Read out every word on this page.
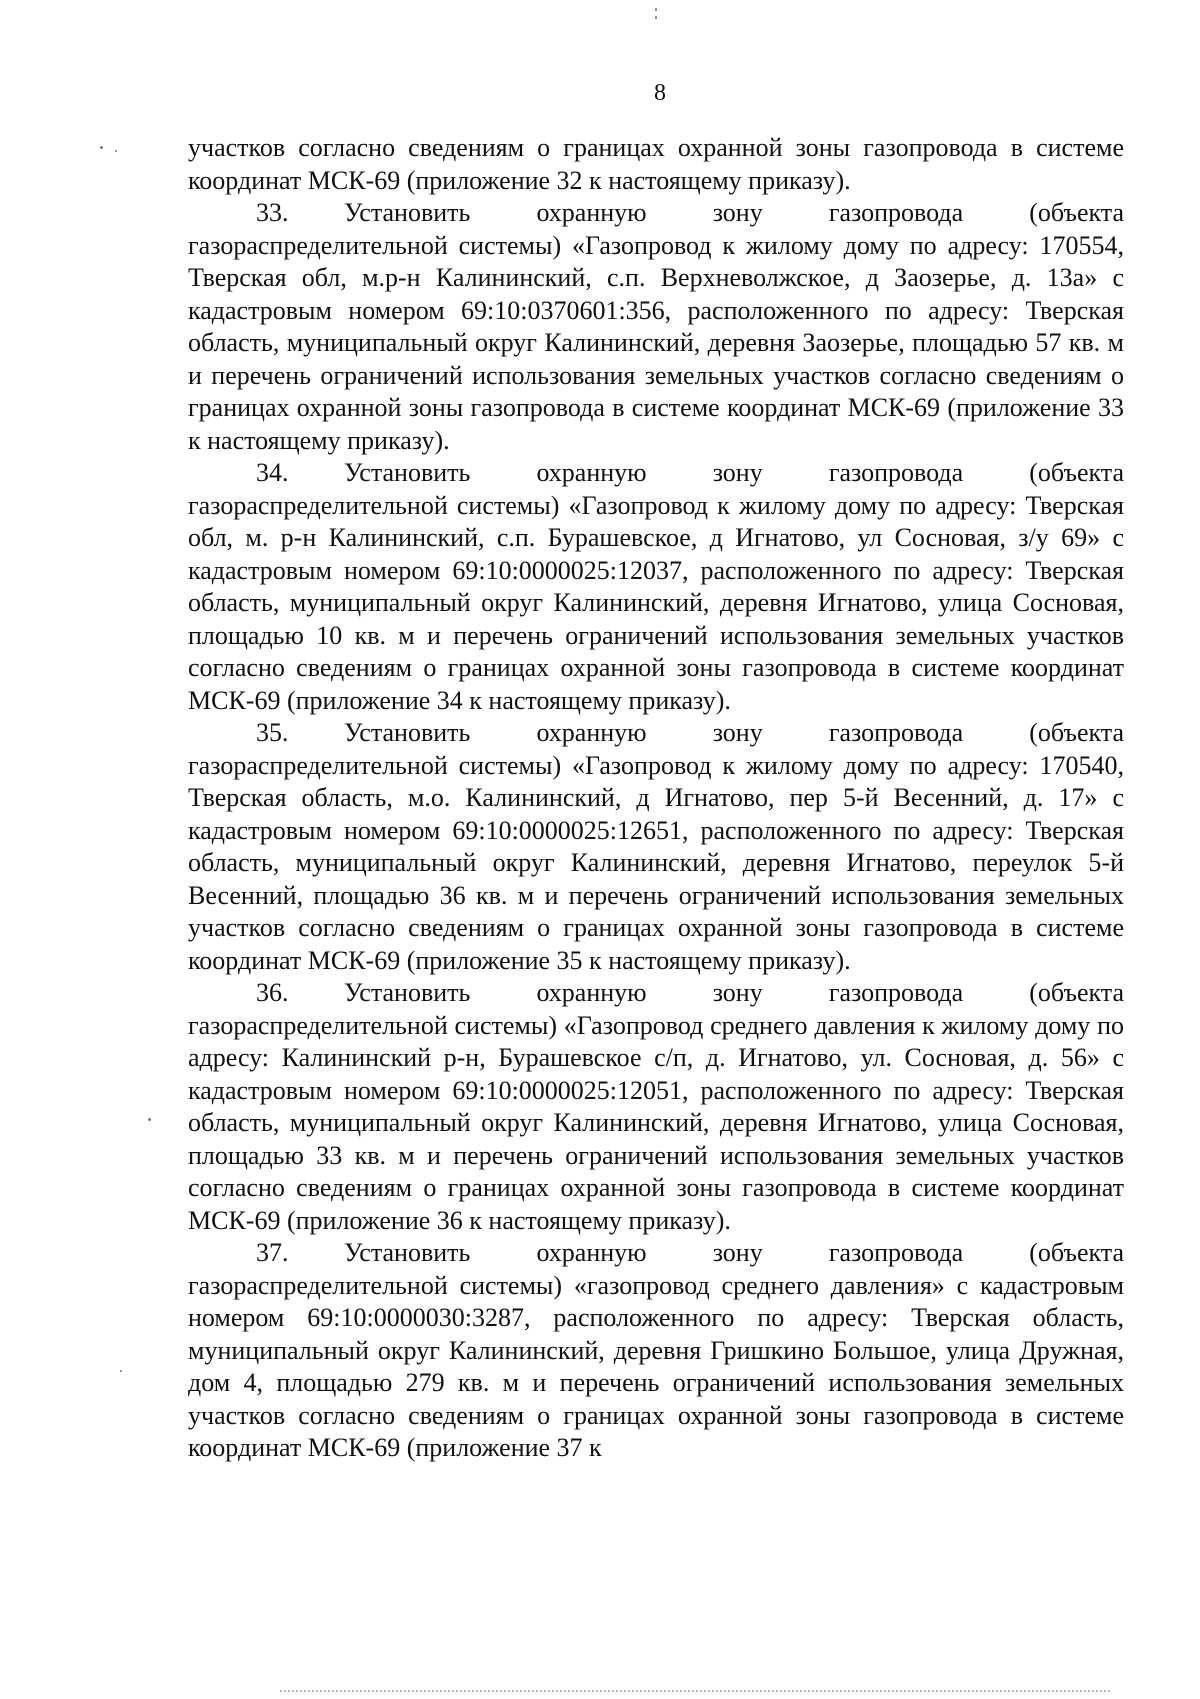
8

участков согласно сведениям о границах охранной зоны газопровода в системе координат МСК-69 (приложение 32 к настоящему приказу).

33. Установить охранную зону газопровода (объекта газораспределительной системы) «Газопровод к жилому дому по адресу: 170554, Тверская обл, м.р-н Калининский, с.п. Верхневолжское, д Заозерье, д. 13а» с кадастровым номером 69:10:0370601:356, расположенного по адресу: Тверская область, муниципальный округ Калининский, деревня Заозерье, площадью 57 кв. м и перечень ограничений использования земельных участков согласно сведениям о границах охранной зоны газопровода в системе координат МСК-69 (приложение 33 к настоящему приказу).

34. Установить охранную зону газопровода (объекта газораспределительной системы) «Газопровод к жилому дому по адресу: Тверская обл, м. р-н Калининский, с.п. Бурашевское, д Игнатово, ул Сосновая, з/у 69» с кадастровым номером 69:10:0000025:12037, расположенного по адресу: Тверская область, муниципальный округ Калининский, деревня Игнатово, улица Сосновая, площадью 10 кв. м и перечень ограничений использования земельных участков согласно сведениям о границах охранной зоны газопровода в системе координат МСК-69 (приложение 34 к настоящему приказу).

35. Установить охранную зону газопровода (объекта газораспределительной системы) «Газопровод к жилому дому по адресу: 170540, Тверская область, м.о. Калининский, д Игнатово, пер 5-й Весенний, д. 17» с кадастровым номером 69:10:0000025:12651, расположенного по адресу: Тверская область, муниципальный округ Калининский, деревня Игнатово, переулок 5-й Весенний, площадью 36 кв. м и перечень ограничений использования земельных участков согласно сведениям о границах охранной зоны газопровода в системе координат МСК-69 (приложение 35 к настоящему приказу).

36. Установить охранную зону газопровода (объекта газораспределительной системы) «Газопровод среднего давления к жилому дому по адресу: Калининский р-н, Бурашевское с/п, д. Игнатово, ул. Сосновая, д. 56» с кадастровым номером 69:10:0000025:12051, расположенного по адресу: Тверская область, муниципальный округ Калининский, деревня Игнатово, улица Сосновая, площадью 33 кв. м и перечень ограничений использования земельных участков согласно сведениям о границах охранной зоны газопровода в системе координат МСК-69 (приложение 36 к настоящему приказу).

37. Установить охранную зону газопровода (объекта газораспределительной системы) «газопровод среднего давления» с кадастровым номером 69:10:0000030:3287, расположенного по адресу: Тверская область, муниципальный округ Калининский, деревня Гришкино Большое, улица Дружная, дом 4, площадью 279 кв. м и перечень ограничений использования земельных участков согласно сведениям о границах охранной зоны газопровода в системе координат МСК-69 (приложение 37 к
